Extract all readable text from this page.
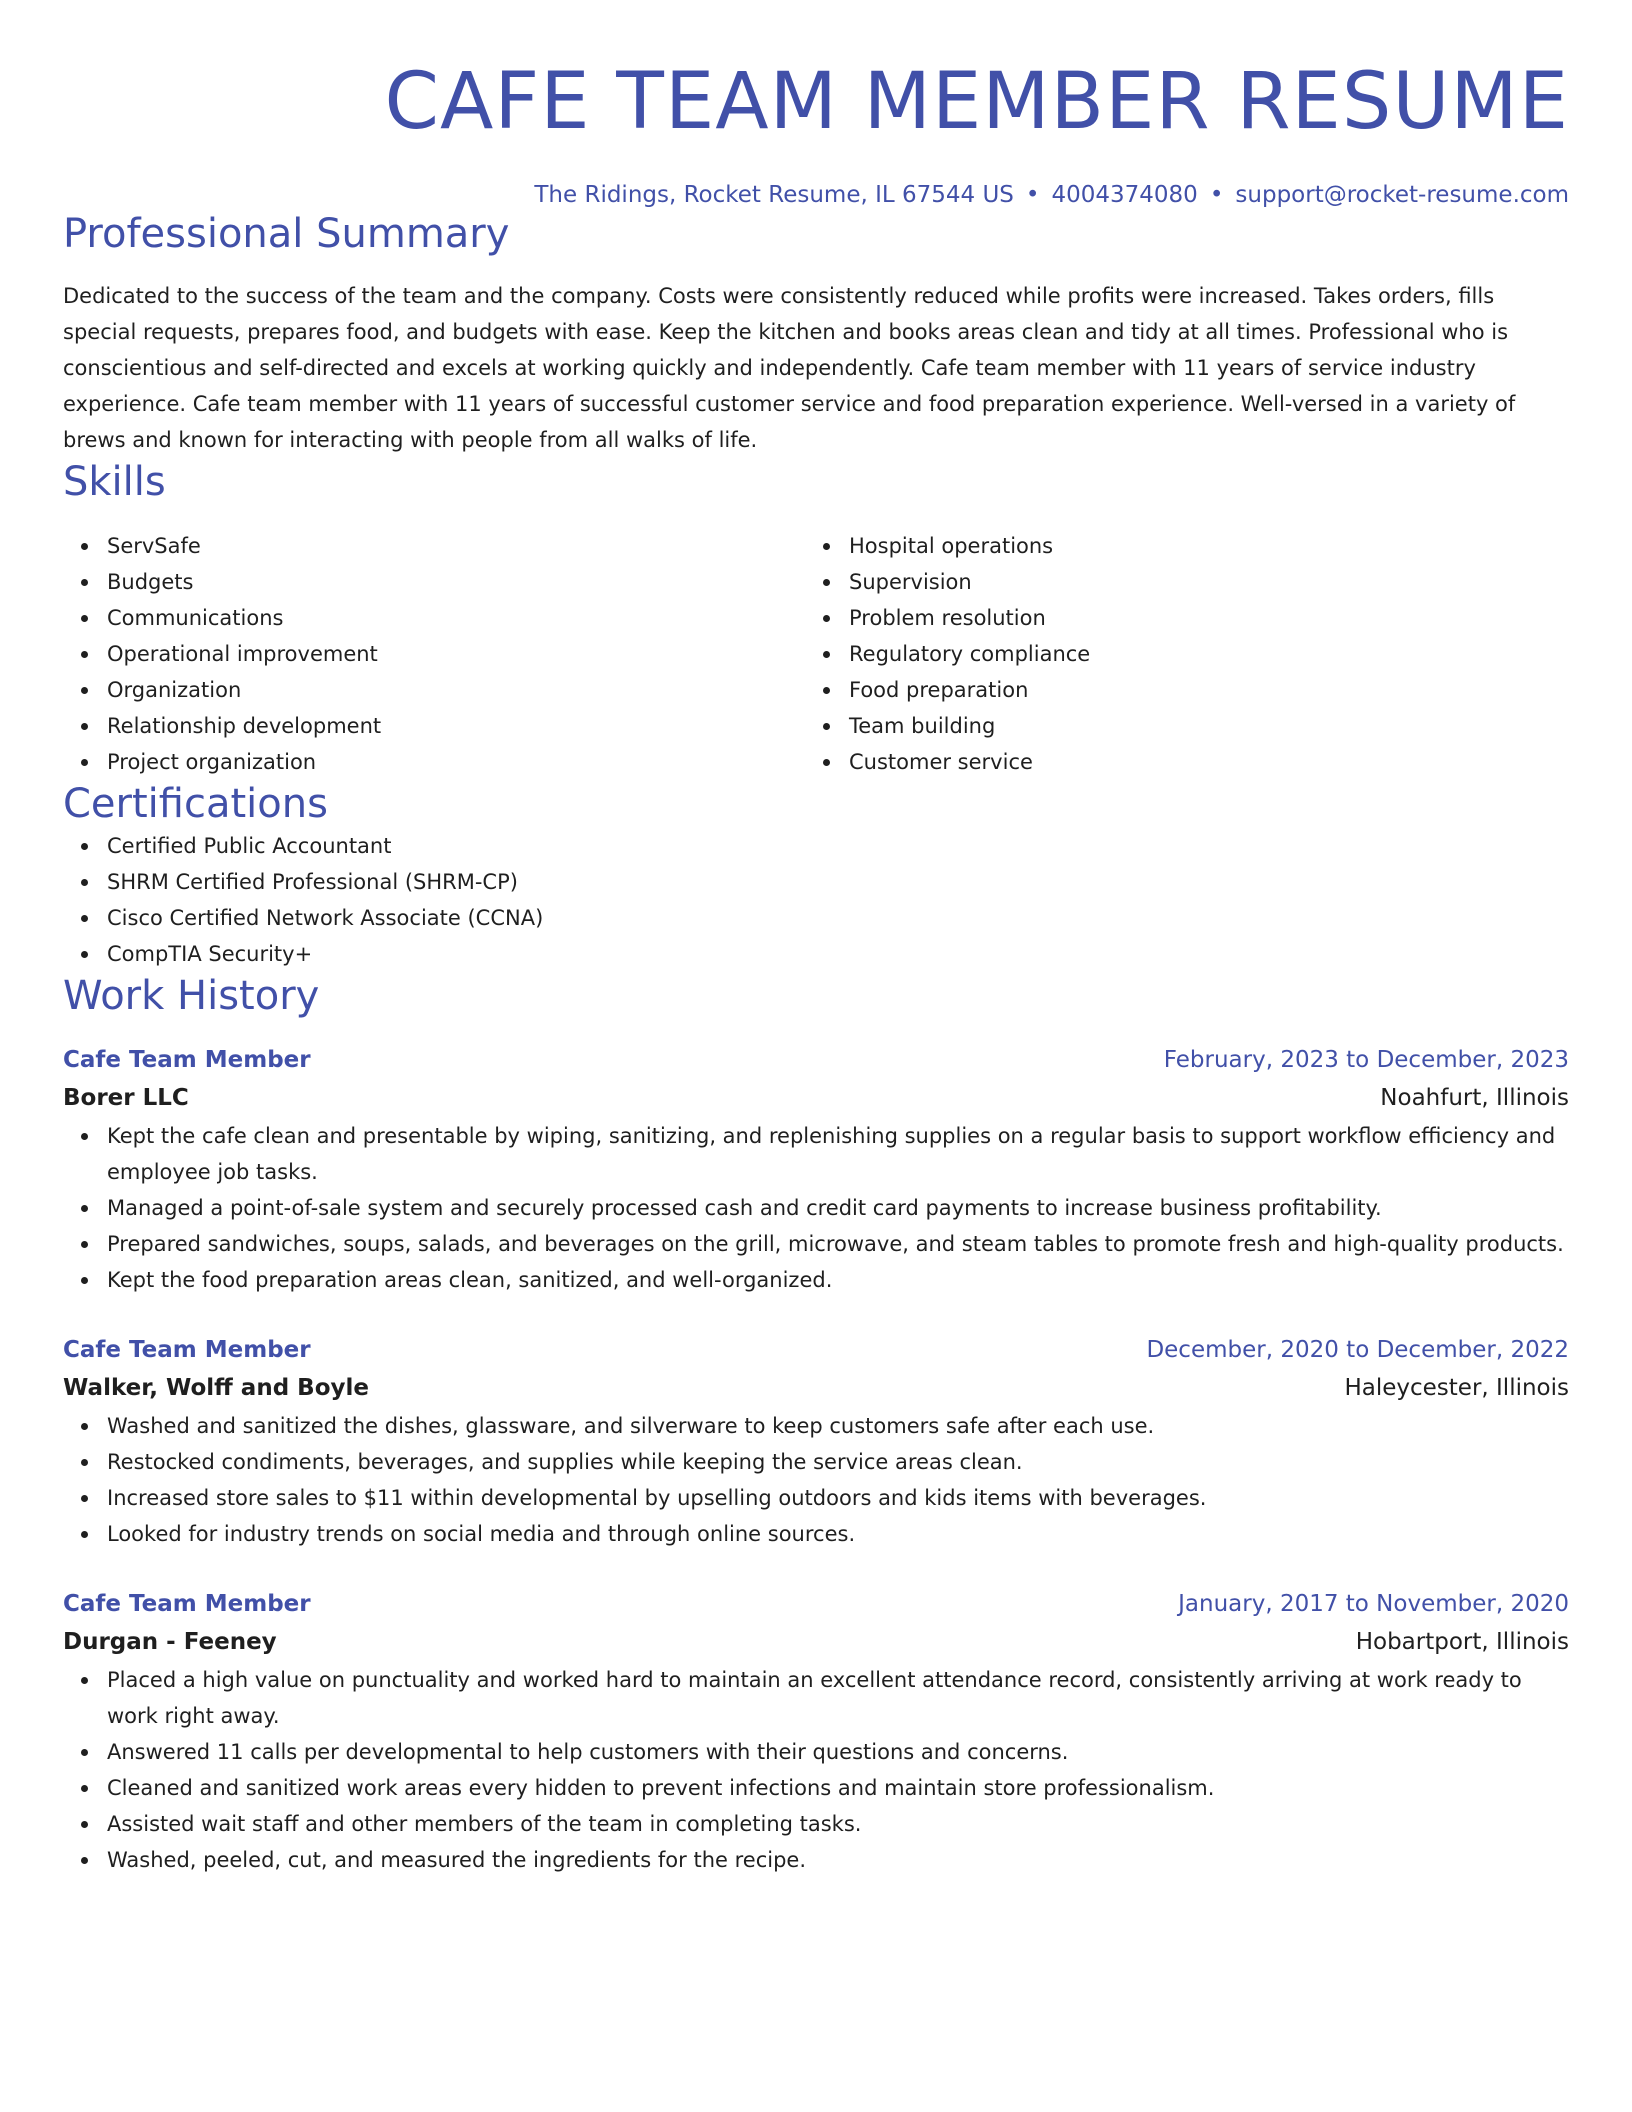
CAFE TEAM MEMBER RESUME
The Ridings, Rocket Resume, IL 67544 US • 4004374080 • support@rocket-resume.com
Professional Summary

Dedicated to the success of the team and the company. Costs were consistently reduced while profits were increased. Takes orders, fills special requests, prepares food, and budgets with ease. Keep the kitchen and books areas clean and tidy at all times. Professional who is conscientious and self-directed and excels at working quickly and independently. Cafe team member with 11 years of service industry experience. Cafe team member with 11 years of successful customer service and food preparation experience. Well-versed in a variety of brews and known for interacting with people from all walks of life.

Skills
ServSafe
Budgets
Communications
Operational improvement
Organization
Relationship development
Project organization
Hospital operations
Supervision
Problem resolution
Regulatory compliance
Food preparation
Team building
Customer service
Certifications
Certified Public Accountant
SHRM Certified Professional (SHRM-CP)
Cisco Certified Network Associate (CCNA)
CompTIA Security+
Work History
Cafe Team Member	February, 2023 to December, 2023
Borer LLC	Noahfurt, Illinois
Kept the cafe clean and presentable by wiping, sanitizing, and replenishing supplies on a regular basis to support workflow efficiency and employee job tasks.
Managed a point-of-sale system and securely processed cash and credit card payments to increase business profitability.
Prepared sandwiches, soups, salads, and beverages on the grill, microwave, and steam tables to promote fresh and high-quality products.
Kept the food preparation areas clean, sanitized, and well-organized.
Cafe Team Member	December, 2020 to December, 2022
Walker, Wolff and Boyle	Haleycester, Illinois
Washed and sanitized the dishes, glassware, and silverware to keep customers safe after each use.
Restocked condiments, beverages, and supplies while keeping the service areas clean.
Increased store sales to $11 within developmental by upselling outdoors and kids items with beverages.
Looked for industry trends on social media and through online sources.
Cafe Team Member	January, 2017 to November, 2020
Durgan - Feeney	Hobartport, Illinois
Placed a high value on punctuality and worked hard to maintain an excellent attendance record, consistently arriving at work ready to work right away.
Answered 11 calls per developmental to help customers with their questions and concerns.
Cleaned and sanitized work areas every hidden to prevent infections and maintain store professionalism.
Assisted wait staff and other members of the team in completing tasks.
Washed, peeled, cut, and measured the ingredients for the recipe.
